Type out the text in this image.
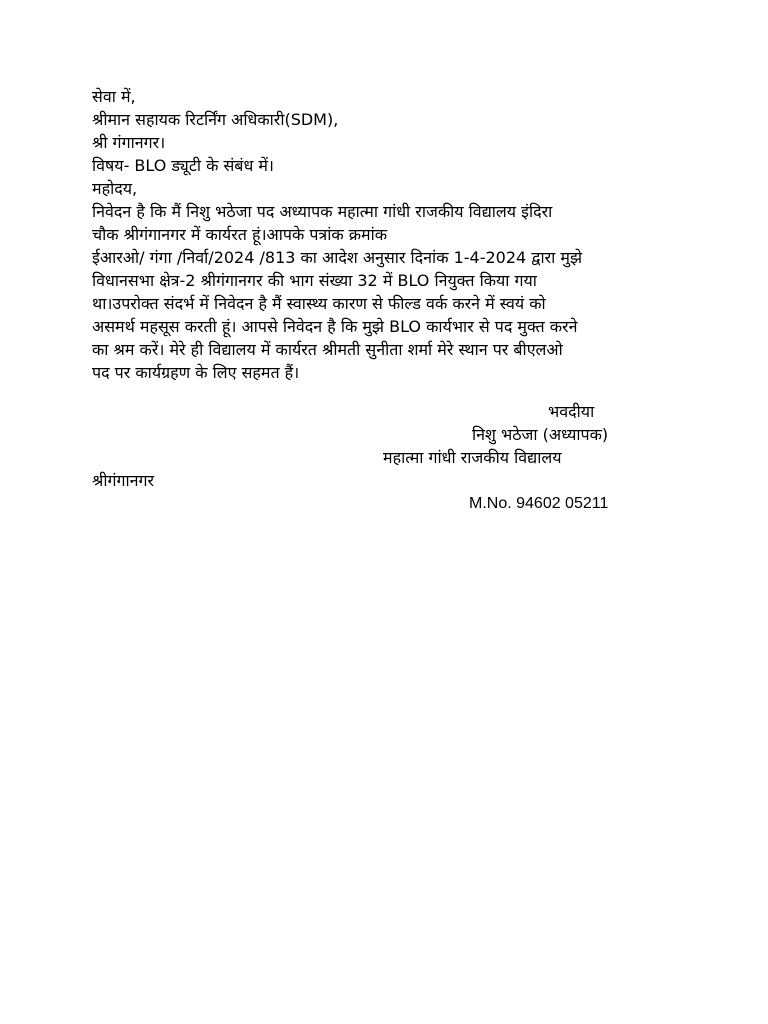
सेवा में,
श्रीमान सहायक रिटर्निंग अधिकारी(SDM),
श्री गंगानगर।
विषय- BLO ड्यूटी के संबंध में।
महोदय,
निवेदन है कि मैं निशु भठेजा पद अध्यापक महात्मा गांधी राजकीय विद्यालय इंदिरा
चौक श्रीगंगानगर में कार्यरत हूं।आपके पत्रांक क्रमांक
ईआरओ/ गंगा /निर्वा/2024 /813 का आदेश अनुसार दिनांक 1-4-2024 द्वारा मुझे
विधानसभा क्षेत्र-2 श्रीगंगानगर की भाग संख्या 32 में BLO नियुक्त किया गया
था।उपरोक्त संदर्भ में निवेदन है मैं स्वास्थ्य कारण से फील्ड वर्क करने में स्वयं को
असमर्थ महसूस करती हूं। आपसे निवेदन है कि मुझे BLO कार्यभार से पद मुक्त करने
का श्रम करें। मेरे ही विद्यालय में कार्यरत श्रीमती सुनीता शर्मा मेरे स्थान पर बीएलओ
पद पर कार्यग्रहण के लिए सहमत हैं।
भवदीया
निशु भठेजा (अध्यापक)
महात्मा गांधी राजकीय विद्यालय
श्रीगंगानगर
M.No. 94602 05211
